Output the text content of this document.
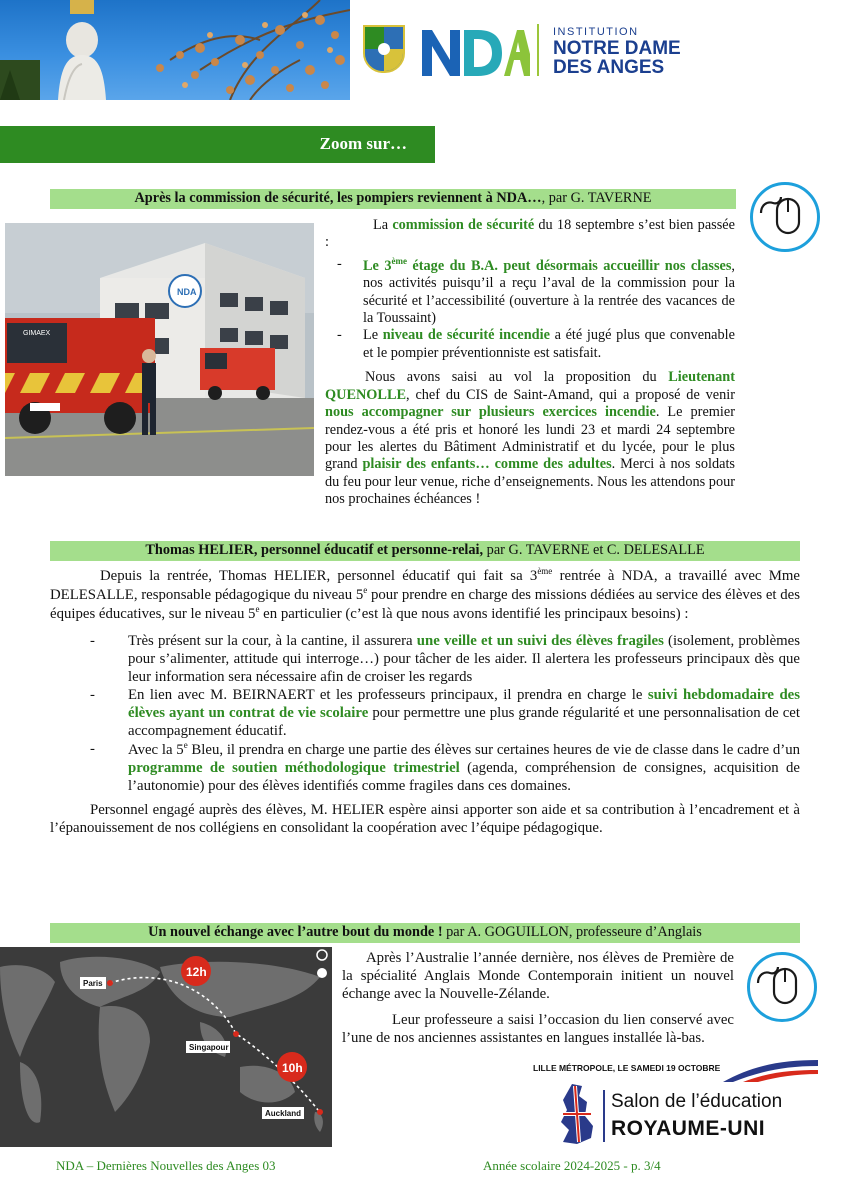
INSTITUTION
NOTRE DAME
DES ANGES
Zoom sur…
Après la commission de sécurité, les pompiers reviennent à NDA…, par G. TAVERNE
NDA
GIMAEX

La commission de sécurité du 18 septembre s’est bien passée :

- Le 3ème étage du B.A. peut désormais accueillir nos classes, nos activités puisqu’il a reçu l’aval de la commission pour la sécurité et l’accessibilité (ouverture à la rentrée des vacances de la Toussaint)
- Le niveau de sécurité incendie a été jugé plus que convenable et le pompier préventionniste est satisfait.

Nous avons saisi au vol la proposition du Lieutenant QUENOLLE, chef du CIS de Saint-Amand, qui a proposé de venir nous accompagner sur plusieurs exercices incendie. Le premier rendez-vous a été pris et honoré les lundi 23 et mardi 24 septembre pour les alertes du Bâtiment Administratif et du lycée, pour le plus grand plaisir des enfants… comme des adultes. Merci à nos soldats du feu pour leur venue, riche d’enseignements. Nous les attendons pour nos prochaines échéances !

Thomas HELIER, personnel éducatif et personne-relai, par G. TAVERNE et C. DELESALLE

Depuis la rentrée, Thomas HELIER, personnel éducatif qui fait sa 3ème rentrée à NDA, a travaillé avec Mme DELESALLE, responsable pédagogique du niveau 5e pour prendre en charge des missions dédiées au service des élèves et des équipes éducatives, sur le niveau 5e en particulier (c’est là que nous avons identifié les principaux besoins) :

- Très présent sur la cour, à la cantine, il assurera une veille et un suivi des élèves fragiles (isolement, problèmes pour s’alimenter, attitude qui interroge…) pour tâcher de les aider. Il alertera les professeurs principaux dès que leur information sera nécessaire afin de croiser les regards
- En lien avec M. BEIRNAERT et les professeurs principaux, il prendra en charge le suivi hebdomadaire des élèves ayant un contrat de vie scolaire pour permettre une plus grande régularité et une personnalisation de cet accompagnement éducatif.
- Avec la 5e Bleu, il prendra en charge une partie des élèves sur certaines heures de vie de classe dans le cadre d’un programme de soutien méthodologique trimestriel (agenda, compréhension de consignes, acquisition de l’autonomie) pour des élèves identifiés comme fragiles dans ces domaines.

Personnel engagé auprès des élèves, M. HELIER espère ainsi apporter son aide et sa contribution à l’encadrement et à l’épanouissement de nos collégiens en consolidant la coopération avec l’équipe pédagogique.

Un nouvel échange avec l’autre bout du monde ! par A. GOGUILLON, professeure d’Anglais
Paris
Singapour
Auckland
12h
10h

Après l’Australie l’année dernière, nos élèves de Première de la spécialité Anglais Monde Contemporain initient un nouvel échange avec la Nouvelle-Zélande.

Leur professeure a saisi l’occasion du lien conservé avec l’une de nos anciennes assistantes en langues installée là-bas.

LILLE MÉTROPOLE, LE SAMEDI 19 OCTOBRE
Salon de l’éducation
ROYAUME-UNI
NDA – Dernières Nouvelles des Anges 03	Année scolaire 2024-2025 - p. 3/4
